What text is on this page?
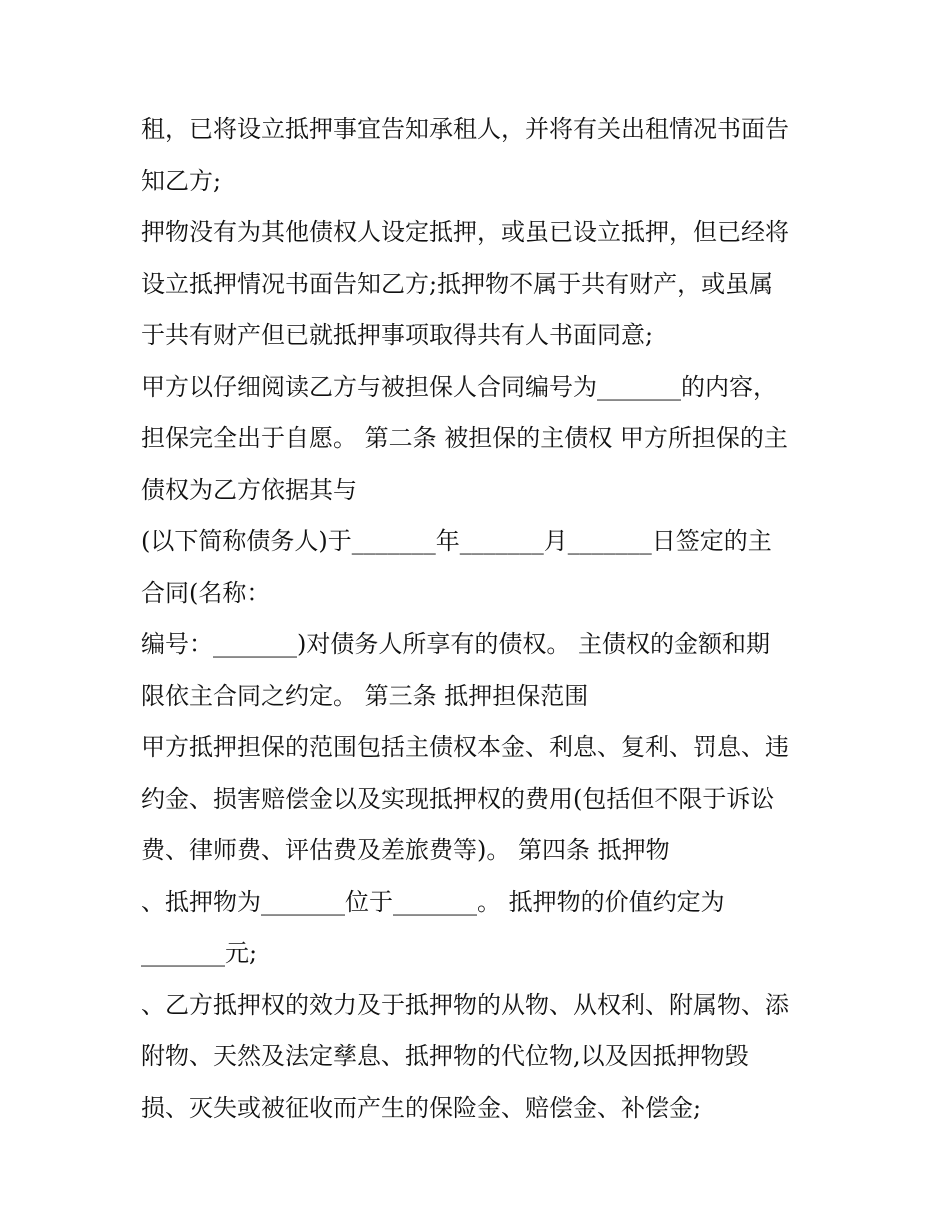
租，已将设立抵押事宜告知承租人，并将有关出租情况书面告

知乙方;

押物没有为其他债权人设定抵押，或虽已设立抵押，但已经将

设立抵押情况书面告知乙方;抵押物不属于共有财产，或虽属

于共有财产但已就抵押事项取得共有人书面同意;

甲方以仔细阅读乙方与被担保人合同编号为_______的内容，

担保完全出于自愿。 第二条 被担保的主债权 甲方所担保的主

债权为乙方依据其与

(以下简称债务人)于_______年_______月_______日签定的主

合同(名称：

编号：_______)对债务人所享有的债权。 主债权的金额和期

限依主合同之约定。 第三条 抵押担保范围

甲方抵押担保的范围包括主债权本金、利息、复利、罚息、违

约金、损害赔偿金以及实现抵押权的费用(包括但不限于诉讼

费、律师费、评估费及差旅费等)。 第四条 抵押物

、抵押物为_______位于_______。 抵押物的价值约定为

_______元;

、乙方抵押权的效力及于抵押物的从物、从权利、附属物、添

附物、天然及法定孳息、抵押物的代位物,以及因抵押物毁

损、灭失或被征收而产生的保险金、赔偿金、补偿金;
